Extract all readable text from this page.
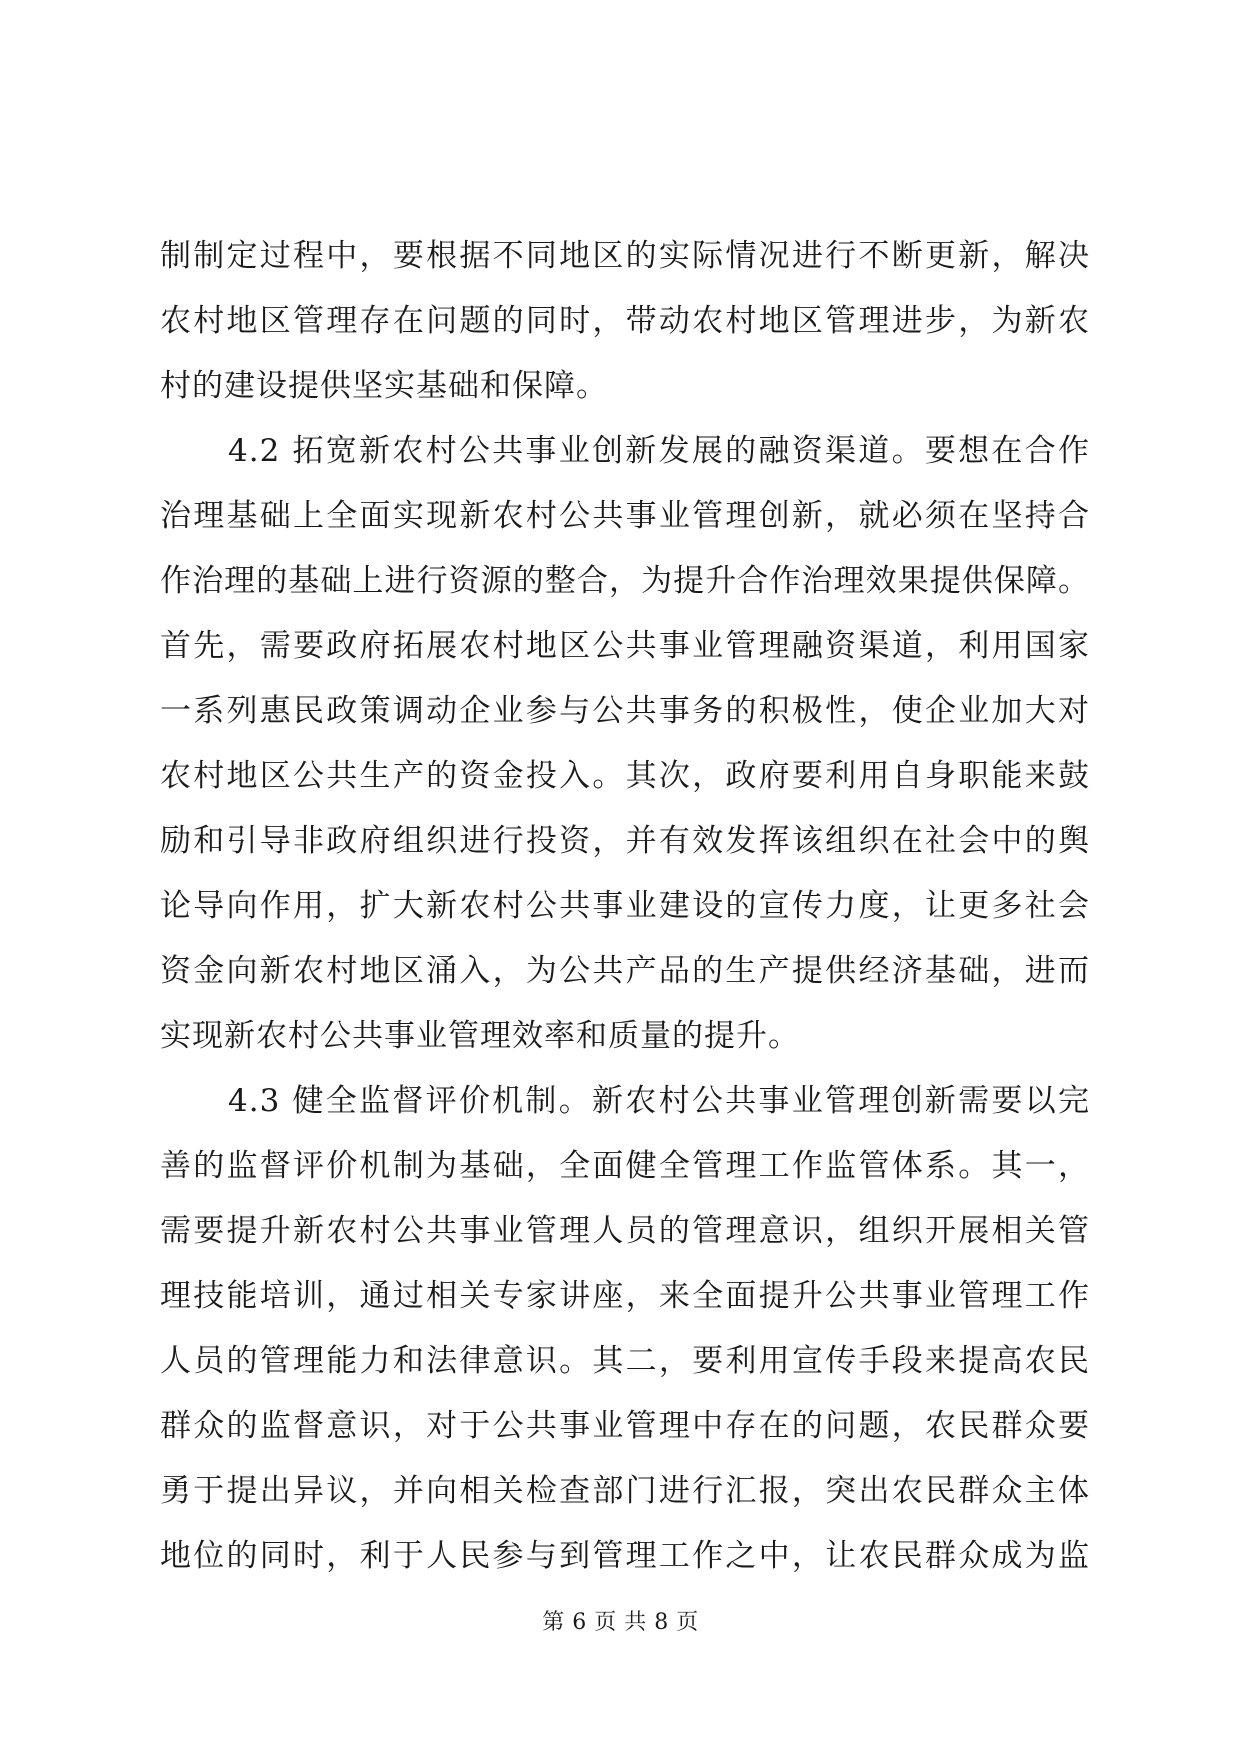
制制定过程中，要根据不同地区的实际情况进行不断更新，解决
农村地区管理存在问题的同时，带动农村地区管理进步，为新农
村的建设提供坚实基础和保障。
4.2 拓宽新农村公共事业创新发展的融资渠道。要想在合作
治理基础上全面实现新农村公共事业管理创新，就必须在坚持合
作治理的基础上进行资源的整合，为提升合作治理效果提供保障。
首先，需要政府拓展农村地区公共事业管理融资渠道，利用国家
一系列惠民政策调动企业参与公共事务的积极性，使企业加大对
农村地区公共生产的资金投入。其次，政府要利用自身职能来鼓
励和引导非政府组织进行投资，并有效发挥该组织在社会中的舆
论导向作用，扩大新农村公共事业建设的宣传力度，让更多社会
资金向新农村地区涌入，为公共产品的生产提供经济基础，进而
实现新农村公共事业管理效率和质量的提升。
4.3 健全监督评价机制。新农村公共事业管理创新需要以完
善的监督评价机制为基础，全面健全管理工作监管体系。其一，
需要提升新农村公共事业管理人员的管理意识，组织开展相关管
理技能培训，通过相关专家讲座，来全面提升公共事业管理工作
人员的管理能力和法律意识。其二，要利用宣传手段来提高农民
群众的监督意识，对于公共事业管理中存在的问题，农民群众要
勇于提出异议，并向相关检查部门进行汇报，突出农民群众主体
地位的同时，利于人民参与到管理工作之中，让农民群众成为监
第 6 页 共 8 页
